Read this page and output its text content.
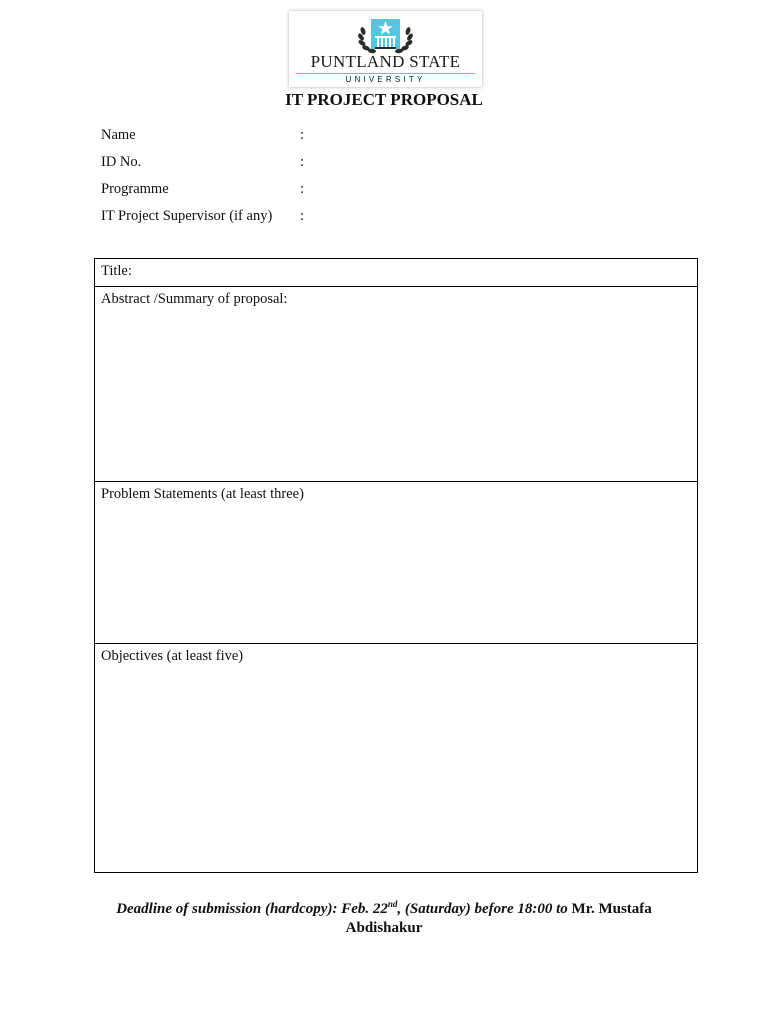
PUNTLAND STATE
UNIVERSITY
IT PROJECT PROPOSAL
Name	:
ID No.	:
Programme	:
IT Project Supervisor (if any) :
Title:
Abstract /Summary of proposal:
Problem Statements (at least three)
Objectives (at least five)
Deadline of submission (hardcopy): Feb. 22nd, (Saturday) before 18:00 to Mr. Mustafa
Abdishakur
